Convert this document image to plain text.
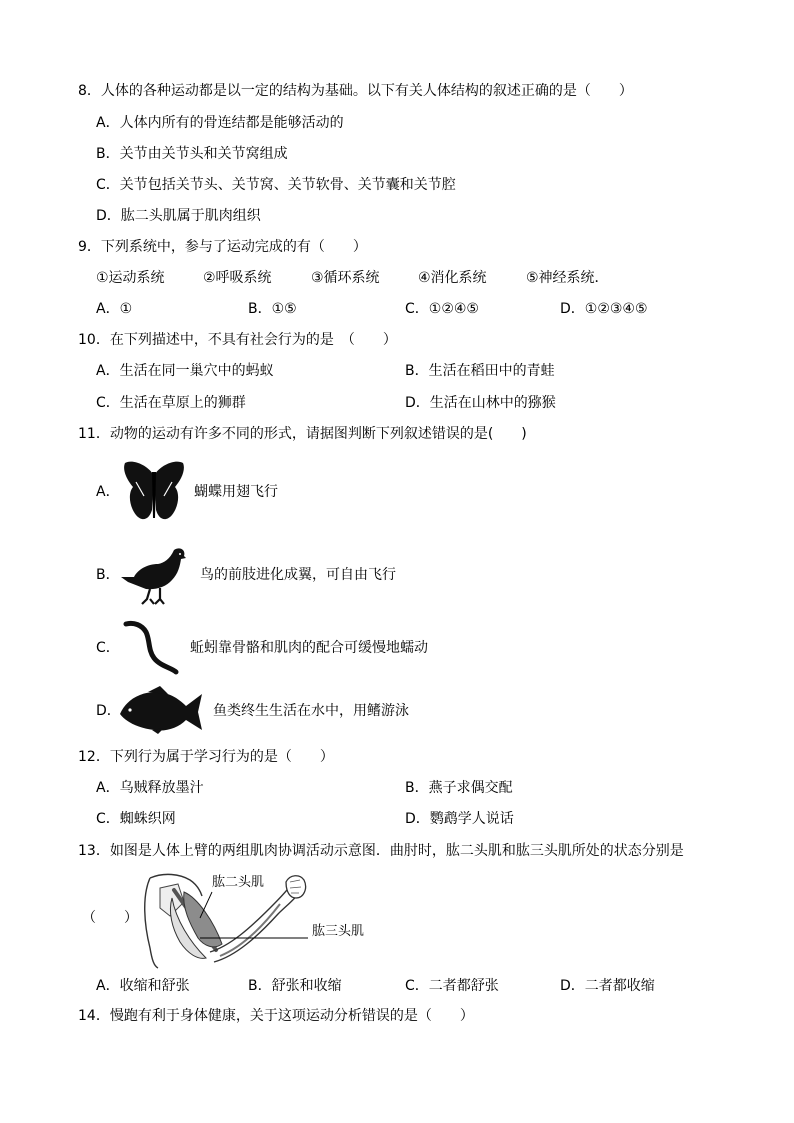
8．人体的各种运动都是以一定的结构为基础。以下有关人体结构的叙述正确的是（　　）
A．人体内所有的骨连结都是能够活动的
B．关节由关节头和关节窝组成
C．关节包括关节头、关节窝、关节软骨、关节囊和关节腔
D．肱二头肌属于肌肉组织
9．下列系统中，参与了运动完成的有（　　）
①运动系统	②呼吸系统	③循环系统	④消化系统	⑤神经系统．
A．①	B．①⑤	C．①②④⑤	D．①②③④⑤
10．在下列描述中，不具有社会行为的是　（　　）
A．生活在同一巢穴中的蚂蚁	B．生活在稻田中的青蛙
C．生活在草原上的狮群	D．生活在山林中的猕猴
11．动物的运动有许多不同的形式，请据图判断下列叙述错误的是(　　)
A．	蝴蝶用翅飞行
B．	鸟的前肢进化成翼，可自由飞行
C．	蚯蚓靠骨骼和肌肉的配合可缓慢地蠕动
D．	鱼类终生生活在水中，用鳍游泳
12．下列行为属于学习行为的是（　　）
A．乌贼释放墨汁	B．燕子求偶交配
C．蜘蛛织网	D．鹦鹉学人说话
13．如图是人体上臂的两组肌肉协调活动示意图．曲肘时，肱二头肌和肱三头肌所处的状态分别是
（　　）
肱二头肌
肱三头肌
A．收缩和舒张	B．舒张和收缩	C．二者都舒张	D．二者都收缩
14．慢跑有利于身体健康，关于这项运动分析错误的是（　　）
